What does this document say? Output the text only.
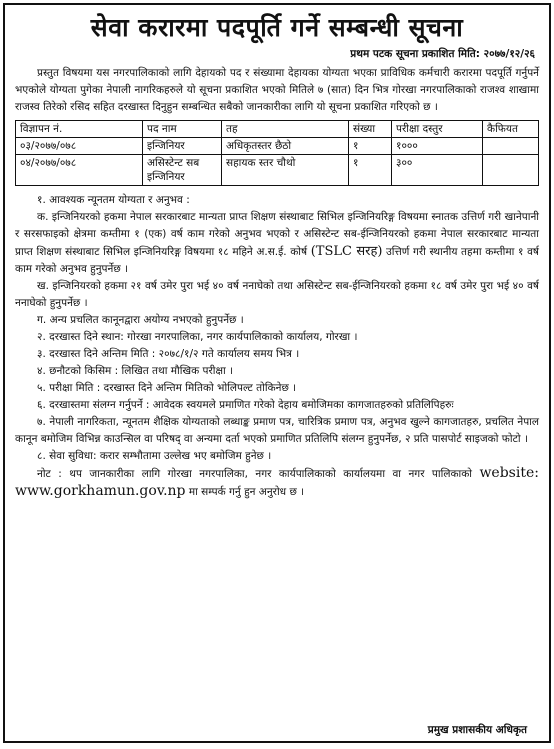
सेवा करारमा पदपूर्ति गर्ने सम्बन्धी सूचना
प्रथम पटक सूचना प्रकाशित मिति: २०७७/१२/२६

प्रस्तुत विषयमा यस नगरपालिकाको लागि देहायको पद र संख्यामा देहायका योग्यता भएका प्राविधिक कर्मचारी करारमा पदपूर्ति गर्नुपर्ने भएकोले योग्यता पुगेका नेपाली नागरिकहरुले यो सूचना प्रकाशित भएको मितिले ७ (सात) दिन भित्र गोरखा नगरपालिकाको राजश्व शाखामा राजस्व तिरेको रसिद सहित दरखास्त दिनुहुन सम्बन्धित सबैको जानकारीका लागि यो सूचना प्रकाशित गरिएको छ ।

विज्ञापन नं.	पद नाम	तह	संख्या	परीक्षा दस्तुर	कैफियत
०३/२०७७/०७८	इन्जिनियर	अधिकृतस्तर छैठो	१	१०००	
०४/२०७७/०७८	असिस्टेन्ट सब इन्जिनियर	सहायक स्तर चौथो	१	३००	
१. आवश्यक न्यूनतम योग्यता र अनुभव :

क. इन्जिनियरको हकमा नेपाल सरकारबाट मान्यता प्राप्त शिक्षण संस्थाबाट सिभिल इन्जिनियरिङ्ग विषयमा स्नातक उत्तिर्ण गरी खानेपानी र सरसफाइको क्षेत्रमा कम्तीमा १ (एक) वर्ष काम गरेको अनुभव भएको र असिस्टेन्ट सब-ईन्जिनियरको हकमा नेपाल सरकारबाट मान्यता प्राप्त शिक्षण संस्थाबाट सिभिल इन्जिनियरिङ्ग विषयमा १८ महिने अ.स.ई. कोर्ष (TSLC सरह) उत्तिर्ण गरी स्थानीय तहमा कम्तीमा १ वर्ष काम गरेको अनुभव हुनुपर्नेछ ।

ख. इन्जिनियरको हकमा २१ वर्ष उमेर पुरा भई ४० वर्ष ननाघेको तथा असिस्टेन्ट सब-ईन्जिनियरको हकमा १८ वर्ष उमेर पुरा भई ४० वर्ष ननाघेको हुनुपर्नेछ ।

ग. अन्य प्रचलित कानूनद्वारा अयोग्य नभएको हुनुपर्नेछ ।
२. दरखास्त दिने स्थान: गोरखा नगरपालिका, नगर कार्यपालिकाको कार्यालय, गोरखा ।
३. दरखास्त दिने अन्तिम मिति : २०७८/१/२ गते कार्यालय समय भित्र ।
४. छनौटको किसिम : लिखित तथा मौखिक परीक्षा ।
५. परीक्षा मिति : दरखास्त दिने अन्तिम मितिको भोलिपल्ट तोकिनेछ ।

६. दरखास्तमा संलग्न गर्नुपर्ने : आवेदक स्वयमले प्रमाणित गरेको देहाय बमोजिमका कागजातहरुको प्रतिलिपिहरुः

७. नेपाली नागरिकता, न्यूनतम शैक्षिक योग्यताको लब्धाङ्क प्रमाण पत्र, चारित्रिक प्रमाण पत्र, अनुभव खुल्ने कागजातहरु, प्रचलित नेपाल कानून बमोजिम विभिन्न काउन्सिल वा परिषद् वा अन्यमा दर्ता भएको प्रमाणित प्रतिलिपि संलग्न हुनुपर्नेछ, २ प्रति पासपोर्ट साइजको फोटो ।

८. सेवा सुविधा: करार सम्भौतामा उल्लेख भए बमोजिम हुनेछ ।

नोट : थप जानकारीका लागि गोरखा नगरपालिका, नगर कार्यपालिकाको कार्यालयमा वा नगर पालिकाको website: www.gorkhamun.gov.np मा सम्पर्क गर्नु हुन अनुरोध छ ।

प्रमुख प्रशासकीय अधिकृत
